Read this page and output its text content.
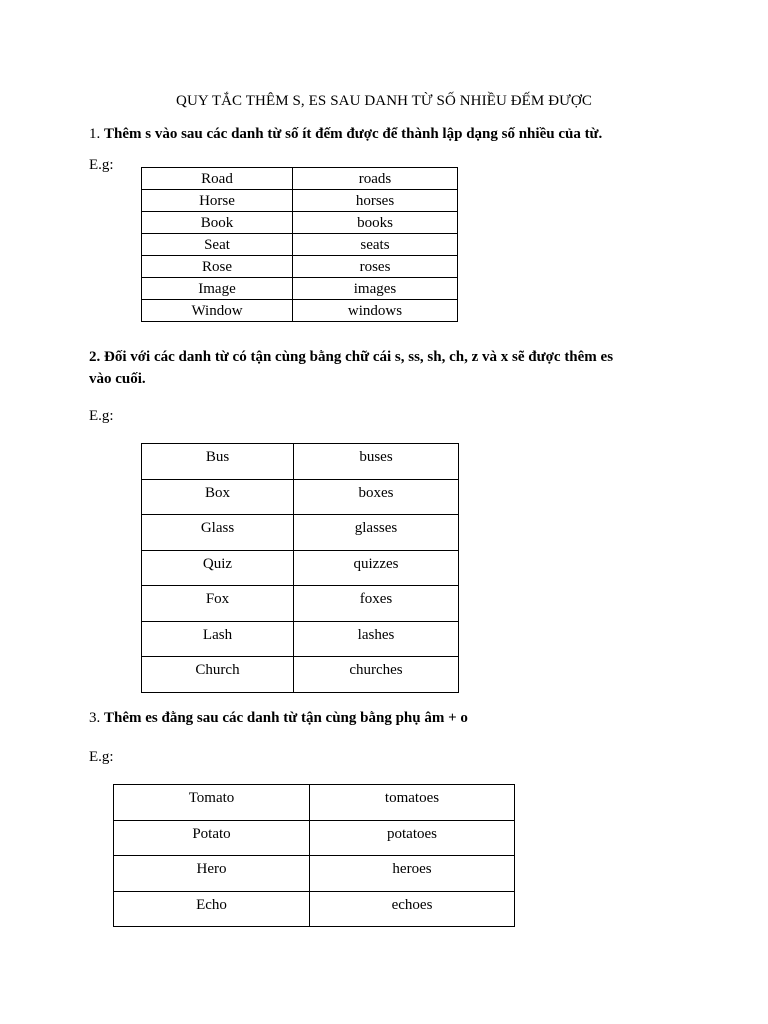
QUY TẮC THÊM S, ES SAU DANH TỪ SỐ NHIỀU ĐẾM ĐƯỢC
1. Thêm s vào sau các danh từ số ít đếm được để thành lập dạng số nhiều của từ.
E.g:
Road	roads
Horse	horses
Book	books
Seat	seats
Rose	roses
Image	images
Window	windows
2. Đối với các danh từ có tận cùng bằng chữ cái s, ss, sh, ch, z và x sẽ được thêm es
vào cuối.
E.g:
Bus	buses
Box	boxes
Glass	glasses
Quiz	quizzes
Fox	foxes
Lash	lashes
Church	churches
3. Thêm es đằng sau các danh từ tận cùng bằng phụ âm + o
E.g:
Tomato	tomatoes
Potato	potatoes
Hero	heroes
Echo	echoes
